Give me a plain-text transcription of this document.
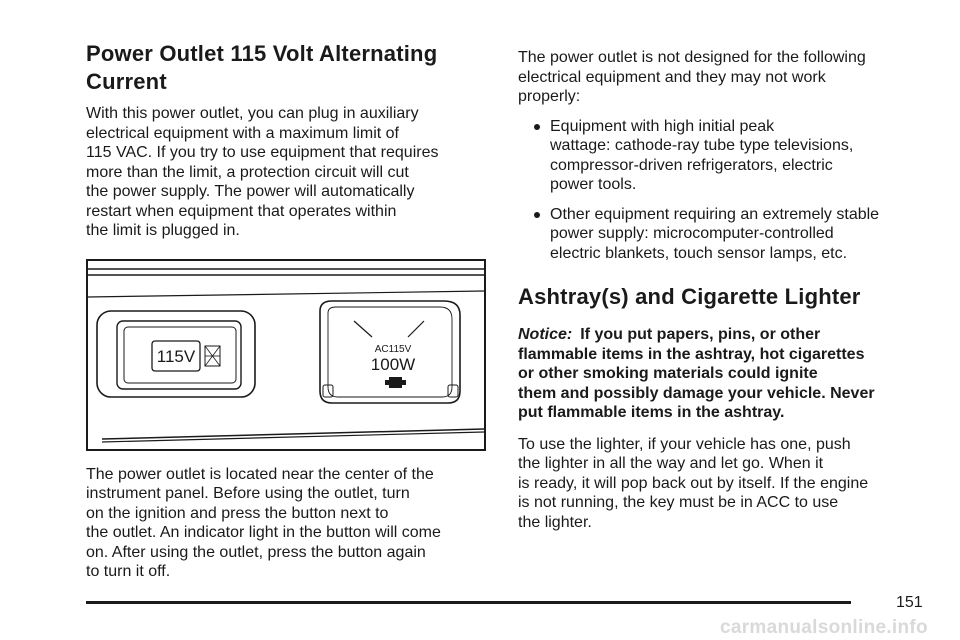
Power Outlet 115 Volt Alternating Current

With this power outlet, you can plug in auxiliary
electrical equipment with a maximum limit of
115 VAC. If you try to use equipment that requires
more than the limit, a protection circuit will cut
the power supply. The power will automatically
restart when equipment that operates within
the limit is plugged in.

115V	AC115V
100W

The power outlet is located near the center of the
instrument panel. Before using the outlet, turn
on the ignition and press the button next to
the outlet. An indicator light in the button will come
on. After using the outlet, press the button again
to turn it off.

The power outlet is not designed for the following
electrical equipment and they may not work
properly:

Equipment with high initial peak
wattage: cathode-ray tube type televisions,
compressor-driven refrigerators, electric
power tools.
Other equipment requiring an extremely stable
power supply: microcomputer-controlled
electric blankets, touch sensor lamps, etc.
Ashtray(s) and Cigarette Lighter
Notice: If you put papers, pins, or other
flammable items in the ashtray, hot cigarettes
or other smoking materials could ignite
them and possibly damage your vehicle. Never
put flammable items in the ashtray.

To use the lighter, if your vehicle has one, push
the lighter in all the way and let go. When it
is ready, it will pop back out by itself. If the engine
is not running, the key must be in ACC to use
the lighter.

151
carmanualsonline.info
